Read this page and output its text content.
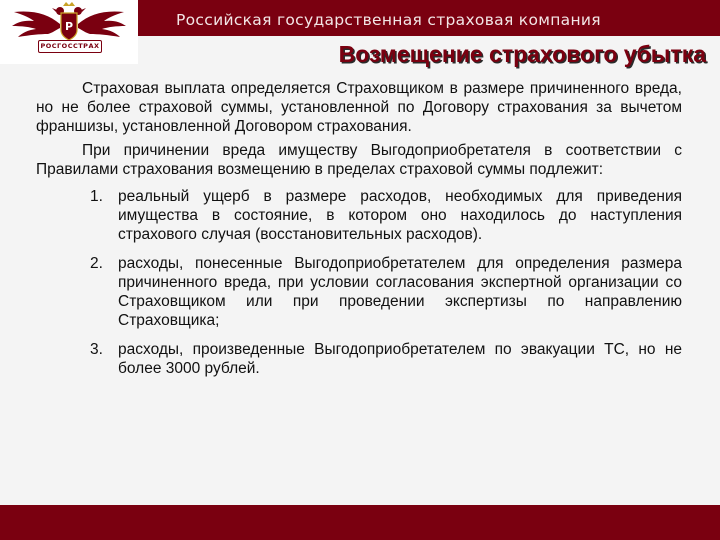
Российская государственная страховая компания
Р
РОСГОССТРАХ	Возмещение страхового убытка

Страховая выплата определяется Страховщиком в размере причиненного вреда, но не более страховой суммы, установленной по Договору страхования за вычетом франшизы, установленной Договором страхования.

При причинении вреда имуществу Выгодоприобретателя в соответствии с Правилами страхования возмещению в пределах страховой суммы подлежит:

1. реальный ущерб в размере расходов, необходимых для приведения имущества в состояние, в котором оно находилось до наступления страхового случая (восстановительных расходов).
2. расходы, понесенные Выгодоприобретателем для определения размера причиненного вреда, при условии согласования экспертной организации со Страховщиком или при проведении экспертизы по направлению Страховщика;
3. расходы, произведенные Выгодоприобретателем по эвакуации ТС, но не более 3000 рублей.
